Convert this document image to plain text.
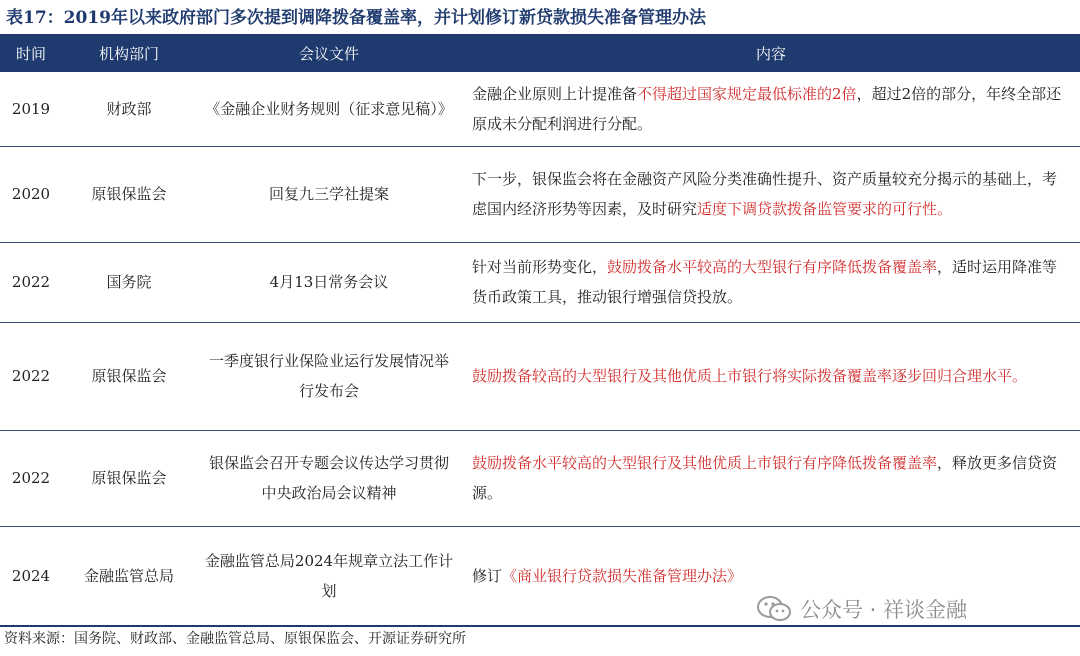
表17：2019年以来政府部门多次提到调降拨备覆盖率，并计划修订新贷款损失准备管理办法
时间	机构部门	会议文件	内容
2019	财政部	《金融企业财务规则（征求意见稿）》	金融企业原则上计提准备不得超过国家规定最低标准的2倍，超过2倍的部分，年终全部还原成未分配利润进行分配。
2020	原银保监会	回复九三学社提案	下一步，银保监会将在金融资产风险分类准确性提升、资产质量较充分揭示的基础上，考虑国内经济形势等因素，及时研究适度下调贷款拨备监管要求的可行性。
2022	国务院	4月13日常务会议	针对当前形势变化，鼓励拨备水平较高的大型银行有序降低拨备覆盖率，适时运用降准等货币政策工具，推动银行增强信贷投放。
2022	原银保监会	一季度银行业保险业运行发展情况举行发布会	鼓励拨备较高的大型银行及其他优质上市银行将实际拨备覆盖率逐步回归合理水平。
2022	原银保监会	银保监会召开专题会议传达学习贯彻中央政治局会议精神	鼓励拨备水平较高的大型银行及其他优质上市银行有序降低拨备覆盖率，释放更多信贷资源。
2024	金融监管总局	金融监管总局2024年规章立法工作计划	修订《商业银行贷款损失准备管理办法》
公众号 · 祥谈金融
资料来源：国务院、财政部、金融监管总局、原银保监会、开源证券研究所
